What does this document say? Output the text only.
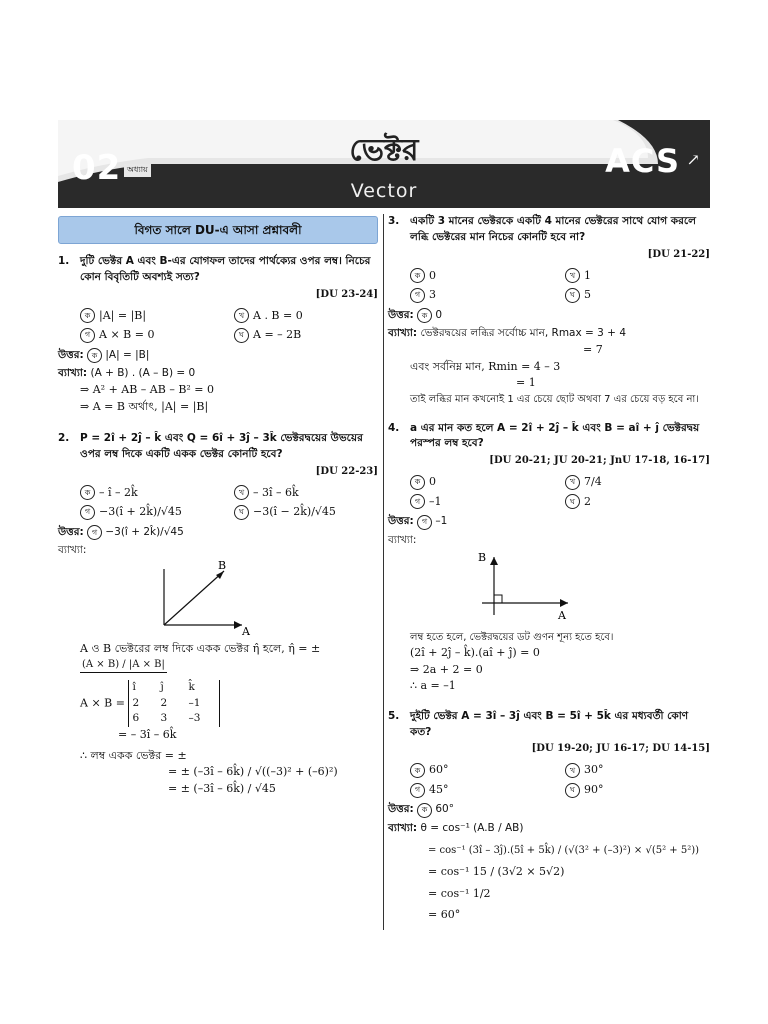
02 অধ্যায়
ভেক্টর
Vector
ACS ↗
বিগত সালে DU-এ আসা প্রশ্নাবলী
1.	দুটি ভেক্টর A এবং B-এর যোগফল তাদের পার্থক্যের ওপর লম্ব। নিচের কোন বিবৃতিটি অবশ্যই সত্য?
[DU 23-24]
ক |A| = |B|	খ A . B = 0
গ A × B = 0	ঘ A = – 2B
উত্তর: ক |A| = |B|
ব্যাখ্যা: (A + B) . (A – B) = 0
⇒ A² + AB – AB – B² = 0
⇒ A = B অর্থাৎ, |A| = |B|
2.	P = 2î + 2ĵ – k̂ এবং Q = 6î + 3ĵ – 3k̂ ভেক্টরদ্বয়ের উভয়ের ওপর লম্ব দিকে একটি একক ভেক্টর কোনটি হবে?
[DU 22-23]
ক – î – 2k̂	খ – 3î – 6k̂
গ −3(î + 2k̂)/√45	ঘ −3(î − 2k̂)/√45
উত্তর: গ −3(î + 2k̂)/√45
ব্যাখ্যা:
B
A
A ও B ভেক্টরের লম্ব দিকে একক ভেক্টর η̂ হলে, η̂ = ±
(A × B) / |A × B|
A × B =
î	ĵ	k̂
2	2	–1
6	3	–3
= – 3î – 6k̂
∴ লম্ব একক ভেক্টর = ±
= ± (–3î – 6k̂) / √((–3)² + (–6)²)
= ± (–3î – 6k̂) / √45
3.	একটি 3 মানের ভেক্টরকে একটি 4 মানের ভেক্টরের সাথে যোগ করলে লব্ধি ভেক্টরের মান নিচের কোনটি হবে না?
[DU 21-22]
ক 0	খ 1
গ 3	ঘ 5
উত্তর: ক 0
ব্যাখ্যা: ভেক্টরদ্বয়ের লব্ধির সর্বোচ্চ মান, Rmax = 3 + 4
= 7
এবং সর্বনিম্ন মান, Rmin = 4 – 3
= 1
তাই লব্ধির মান কখনোই 1 এর চেয়ে ছোট অথবা 7 এর চেয়ে বড় হবে না।
4.	a এর মান কত হলে A = 2î + 2ĵ – k̂ এবং B = aî + ĵ ভেক্টরদ্বয় পরস্পর লম্ব হবে?
[DU 20-21; JU 20-21; JnU 17-18, 16-17]
ক 0	খ 7/4
গ –1	ঘ 2
উত্তর: গ –1
ব্যাখ্যা:
B
A
লম্ব হতে হলে, ভেক্টরদ্বয়ের ডট গুণন শূন্য হতে হবে।
(2î + 2ĵ – k̂).(aî + ĵ) = 0
⇒ 2a + 2 = 0
∴ a = –1
5.	দুইটি ভেক্টর A = 3î – 3ĵ এবং B = 5î + 5k̂ এর মধ্যবর্তী কোণ কত?
[DU 19-20; JU 16-17; DU 14-15]
ক 60°	খ 30°
গ 45°	ঘ 90°
উত্তর: ক 60°
ব্যাখ্যা: θ = cos⁻¹ (A.B / AB)
= cos⁻¹ (3î – 3ĵ).(5î + 5k̂) / (√(3² + (–3)²) × √(5² + 5²))
= cos⁻¹ 15 / (3√2 × 5√2)
= cos⁻¹ 1/2
= 60°
